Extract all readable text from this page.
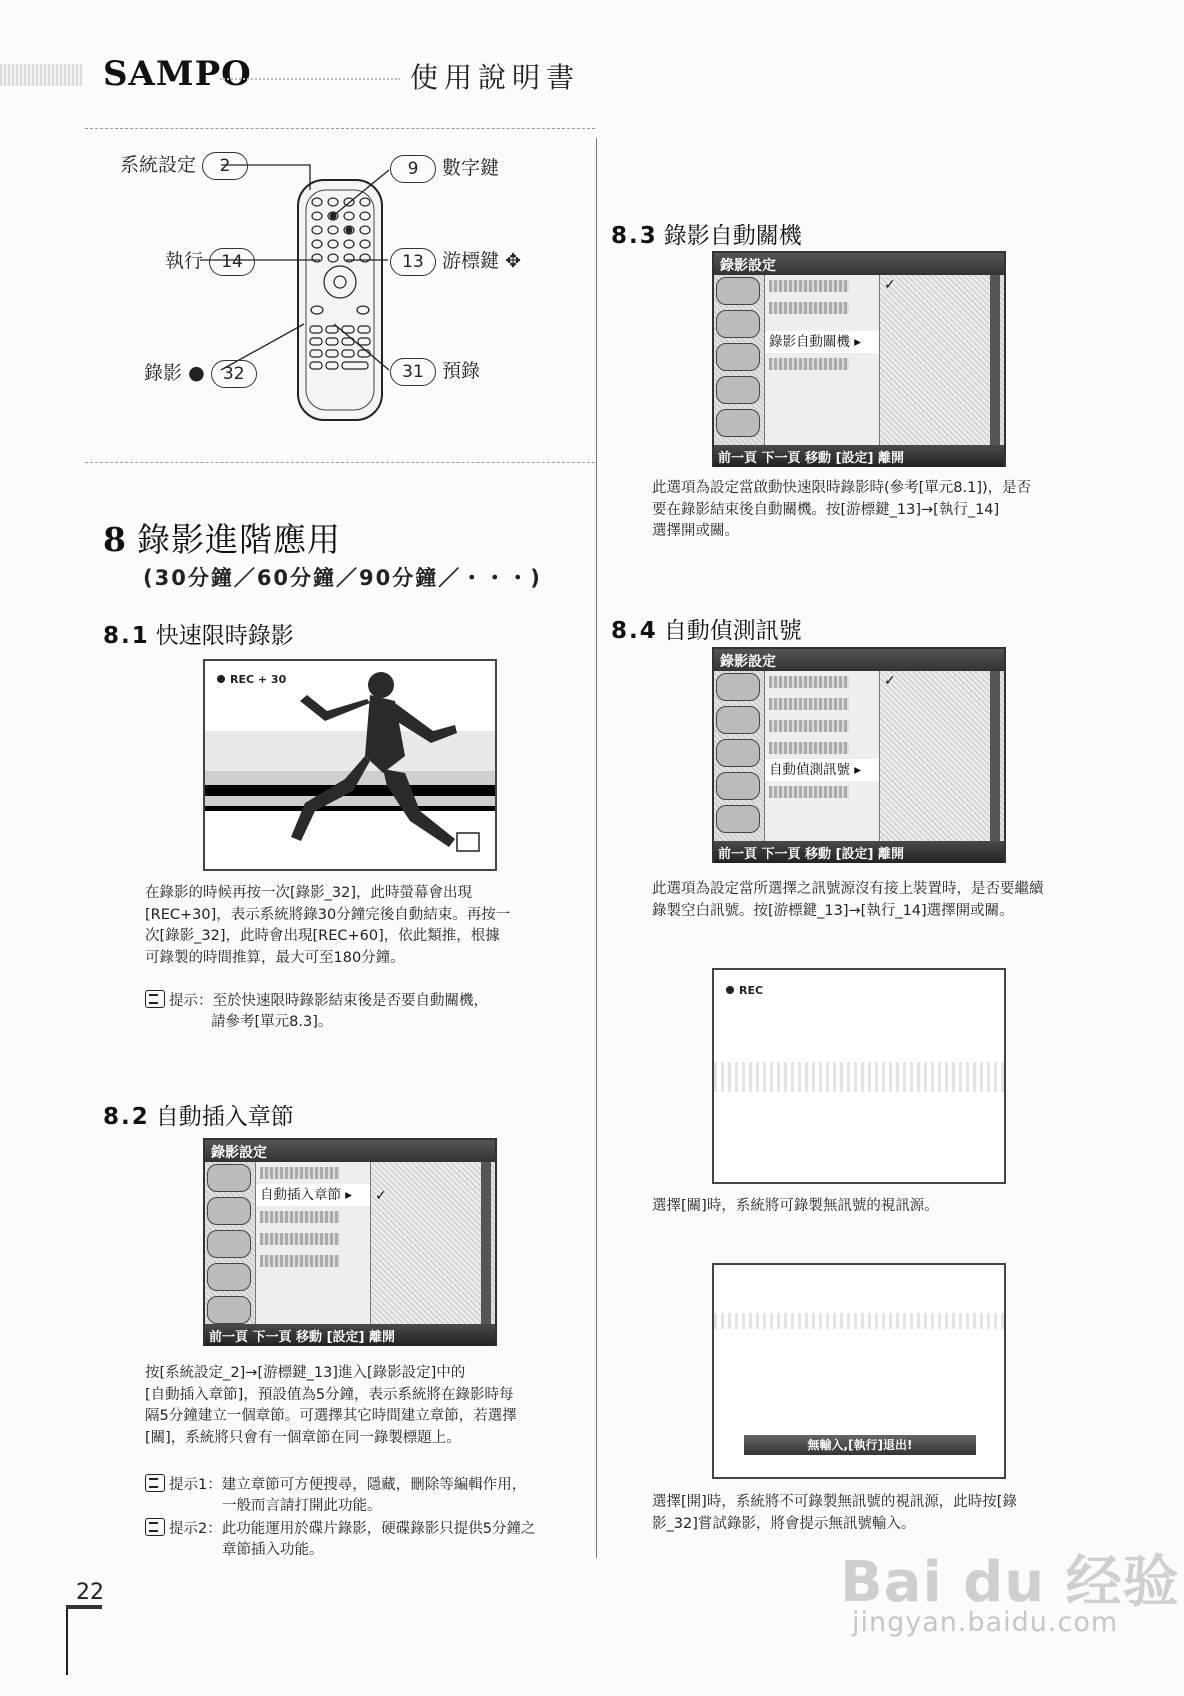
SAMPO	使用說明書
系統設定 2	9 數字鍵
執行 14	13 游標鍵 ✥
錄影 ● 32	31 預錄
8 錄影進階應用
(30分鐘／60分鐘／90分鐘／・・・)
8.1 快速限時錄影
REC + 30
在錄影的時候再按一次[錄影_32]，此時螢幕會出現
[REC+30]，表示系統將錄30分鐘完後自動結束。再按一
次[錄影_32]，此時會出現[REC+60]，依此類推，根據
可錄製的時間推算，最大可至180分鐘。
提示：至於快速限時錄影結束後是否要自動關機，
請參考[單元8.3]。
8.2 自動插入章節
錄影設定
自動插入章節 ▸	✓
前一頁 下一頁 移動 [設定] 離開
按[系統設定_2]→[游標鍵_13]進入[錄影設定]中的
[自動插入章節]，預設值為5分鐘，表示系統將在錄影時每
隔5分鐘建立一個章節。可選擇其它時間建立章節，若選擇
[關]，系統將只會有一個章節在同一錄製標題上。
提示1：建立章節可方便搜尋，隱藏，刪除等編輯作用，
一般而言請打開此功能。
提示2：此功能運用於碟片錄影，硬碟錄影只提供5分鐘之
章節插入功能。
8.3 錄影自動關機
錄影設定
錄影自動關機 ▸
✓
前一頁 下一頁 移動 [設定] 離開
此選項為設定當啟動快速限時錄影時(參考[單元8.1])，是否
要在錄影結束後自動關機。按[游標鍵_13]→[執行_14]
選擇開或關。
8.4 自動偵測訊號
錄影設定
自動偵測訊號 ▸
✓
前一頁 下一頁 移動 [設定] 離開
此選項為設定當所選擇之訊號源沒有接上裝置時，是否要繼續
錄製空白訊號。按[游標鍵_13]→[執行_14]選擇開或關。
REC
選擇[關]時，系統將可錄製無訊號的視訊源。
無輸入,[執行]退出!
選擇[開]時，系統將不可錄製無訊號的視訊源，此時按[錄
影_32]嘗試錄影，將會提示無訊號輸入。
22	Bai du 经验
jingyan.baidu.com
